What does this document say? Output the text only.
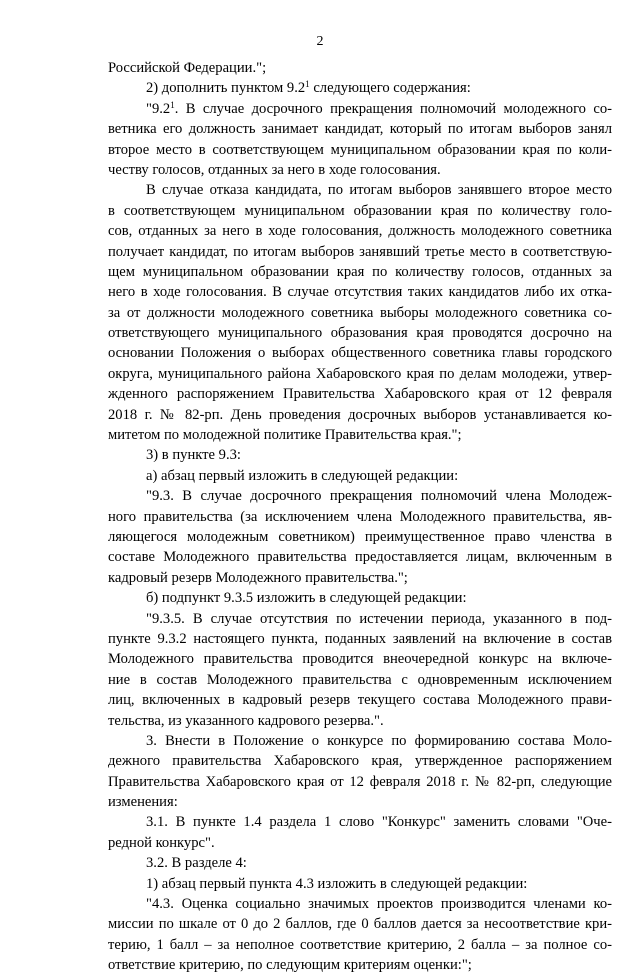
2
Российской Федерации.";
2) дополнить пунктом $9.2^1$ следующего содержания:
"$9.2^1$. В случае досрочного прекращения полномочий молодежного со-
ветника его должность занимает кандидат, который по итогам выборов занял
второе место в соответствующем муниципальном образовании края по коли-
честву голосов, отданных за него в ходе голосования.
В случае отказа кандидата, по итогам выборов занявшего второе место
в соответствующем муниципальном образовании края по количеству голо-
сов, отданных за него в ходе голосования, должность молодежного советника
получает кандидат, по итогам выборов занявший третье место в соответствую-
щем муниципальном образовании края по количеству голосов, отданных за
него в ходе голосования. В случае отсутствия таких кандидатов либо их отка-
за от должности молодежного советника выборы молодежного советника со-
ответствующего муниципального образования края проводятся досрочно на
основании Положения о выборах общественного советника главы городского
округа, муниципального района Хабаровского края по делам молодежи, утвер-
жденного распоряжением Правительства Хабаровского края от 12 февраля
2018 г. № 82-рп. День проведения досрочных выборов устанавливается ко-
митетом по молодежной политике Правительства края.";
3) в пункте 9.3:
а) абзац первый изложить в следующей редакции:
"9.3. В случае досрочного прекращения полномочий члена Молодеж-
ного правительства (за исключением члена Молодежного правительства, яв-
ляющегося молодежным советником) преимущественное право членства в
составе Молодежного правительства предоставляется лицам, включенным в
кадровый резерв Молодежного правительства.";
б) подпункт 9.3.5 изложить в следующей редакции:
"9.3.5. В случае отсутствия по истечении периода, указанного в под-
пункте 9.3.2 настоящего пункта, поданных заявлений на включение в состав
Молодежного правительства проводится внеочередной конкурс на включе-
ние в состав Молодежного правительства с одновременным исключением
лиц, включенных в кадровый резерв текущего состава Молодежного прави-
тельства, из указанного кадрового резерва.".
3. Внести в Положение о конкурсе по формированию состава Моло-
дежного правительства Хабаровского края, утвержденное распоряжением
Правительства Хабаровского края от 12 февраля 2018 г. № 82-рп, следующие
изменения:
3.1. В пункте 1.4 раздела 1 слово "Конкурс" заменить словами "Оче-
редной конкурс".
3.2. В разделе 4:
1) абзац первый пункта 4.3 изложить в следующей редакции:
"4.3. Оценка социально значимых проектов производится членами ко-
миссии по шкале от 0 до 2 баллов, где 0 баллов дается за несоответствие кри-
терию, 1 балл – за неполное соответствие критерию, 2 балла – за полное со-
ответствие критерию, по следующим критериям оценки:";
